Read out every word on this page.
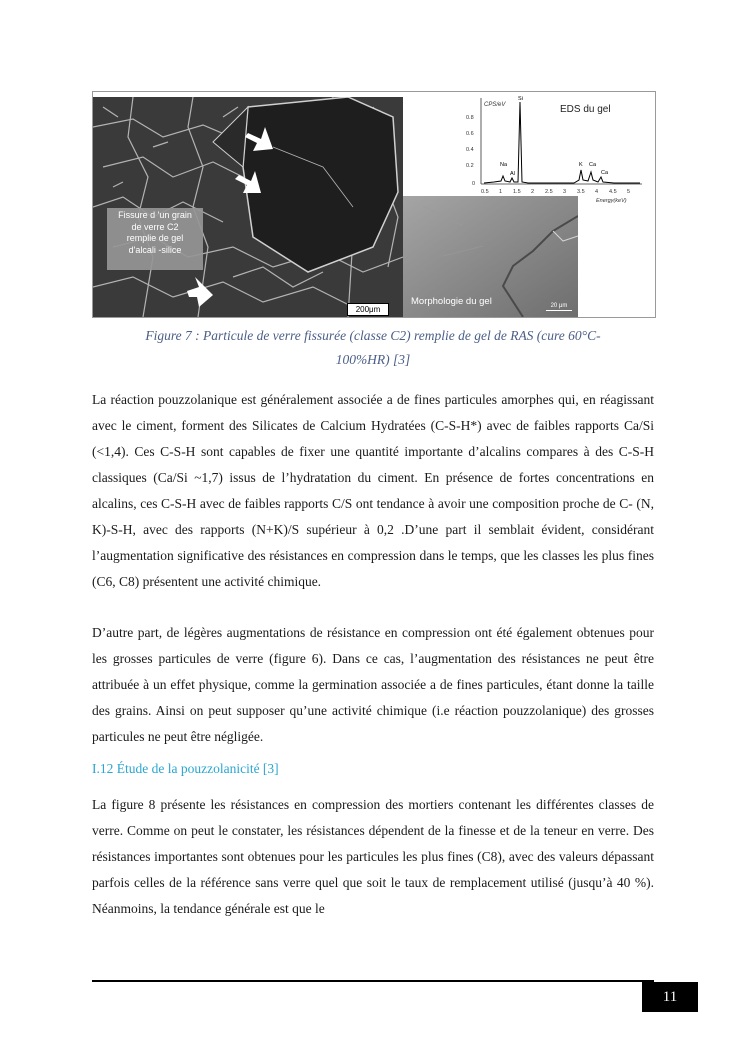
Fissure d 'un grain
de verre C2
remplie de gel
d'alcali -silice
200μm
CPS/eV	EDS du gel
0.8
0.6
0.4
0.2
0
0.5 1 1.5 2 2.5 3 3.5 4 4.5 5
Energy(keV)
Na
Al
Si
K Ca
Ca
Morphologie du gel	20 μm
Figure 7 : Particule de verre fissurée (classe C2) remplie de gel de RAS (cure 60°C-
100%HR) [3]
La réaction pouzzolanique est généralement associée a de fines particules amorphes qui, en réagissant avec le ciment, forment des Silicates de Calcium Hydratées (C-S-H*) avec de faibles rapports Ca/Si (<1,4). Ces C-S-H sont capables de fixer une quantité importante d’alcalins compares à des C-S-H classiques (Ca/Si ~1,7) issus de l’hydratation du ciment. En présence de fortes concentrations en alcalins, ces C-S-H avec de faibles rapports C/S ont tendance à avoir une composition proche de C- (N, K)-S-H, avec des rapports (N+K)/S supérieur à 0,2 .D’une part il semblait évident, considérant l’augmentation significative des résistances en compression dans le temps, que les classes les plus fines (C6, C8) présentent une activité chimique.
D’autre part, de légères augmentations de résistance en compression ont été également obtenues pour les grosses particules de verre (figure 6). Dans ce cas, l’augmentation des résistances ne peut être attribuée à un effet physique, comme la germination associée a de fines particules, étant donne la taille des grains. Ainsi on peut supposer qu’une activité chimique (i.e réaction pouzzolanique) des grosses particules ne peut être négligée.
I.12 Étude de la pouzzolanicité [3]
La figure 8 présente les résistances en compression des mortiers contenant les différentes classes de verre. Comme on peut le constater, les résistances dépendent de la finesse et de la teneur en verre. Des résistances importantes sont obtenues pour les particules les plus fines (C8), avec des valeurs dépassant parfois celles de la référence sans verre quel que soit le taux de remplacement utilisé (jusqu’à 40 %). Néanmoins, la tendance générale est que le
11
